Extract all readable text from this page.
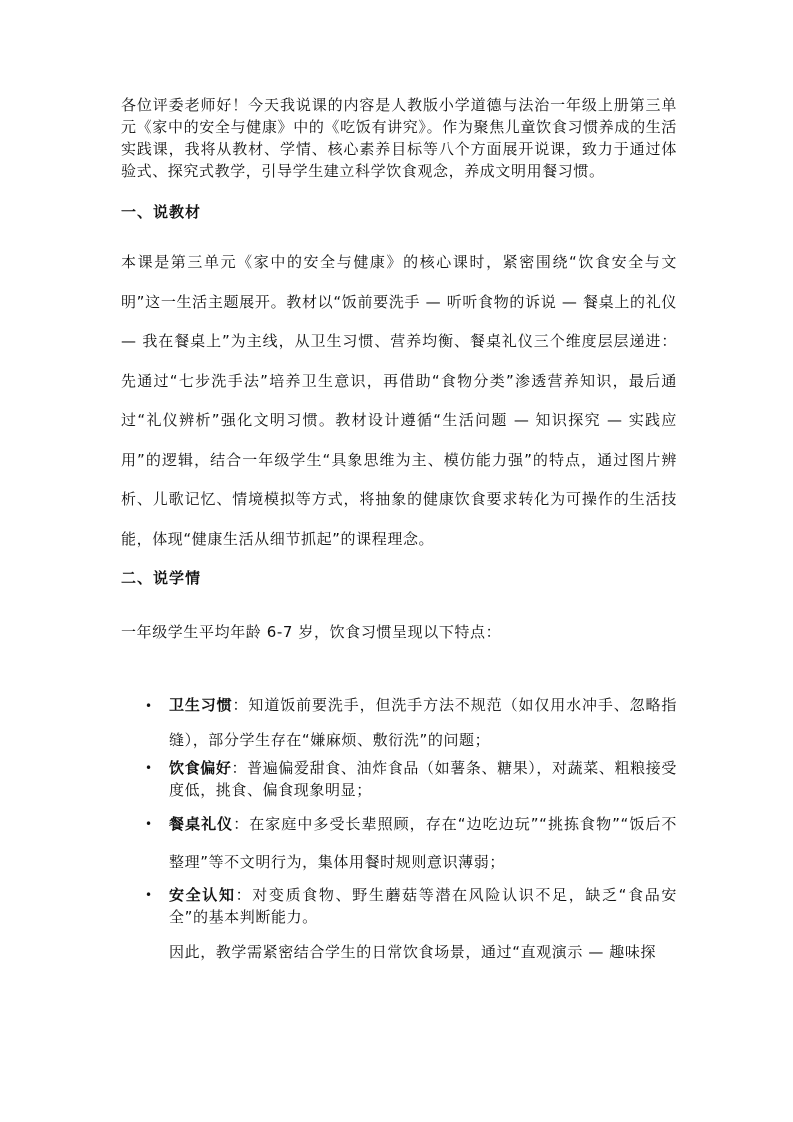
各位评委老师好！今天我说课的内容是人教版小学道德与法治一年级上册第三单元《家中的安全与健康》中的《吃饭有讲究》。作为聚焦儿童饮食习惯养成的生活实践课，我将从教材、学情、核心素养目标等八个方面展开说课，致力于通过体验式、探究式教学，引导学生建立科学饮食观念，养成文明用餐习惯。

一、说教材

本课是第三单元《家中的安全与健康》的核心课时，紧密围绕“饮食安全与文明”这一生活主题展开。教材以“饭前要洗手 — 听听食物的诉说 — 餐桌上的礼仪 — 我在餐桌上”为主线，从卫生习惯、营养均衡、餐桌礼仪三个维度层层递进：先通过“七步洗手法”培养卫生意识，再借助“食物分类”渗透营养知识，最后通过“礼仪辨析”强化文明习惯。教材设计遵循“生活问题 — 知识探究 — 实践应用”的逻辑，结合一年级学生“具象思维为主、模仿能力强”的特点，通过图片辨析、儿歌记忆、情境模拟等方式，将抽象的健康饮食要求转化为可操作的生活技能，体现“健康生活从细节抓起”的课程理念。

二、说学情

一年级学生平均年龄 6-7 岁，饮食习惯呈现以下特点：

• 卫生习惯：知道饭前要洗手，但洗手方法不规范（如仅用水冲手、忽略指缝），部分学生存在“嫌麻烦、敷衍洗”的问题；
• 饮食偏好：普遍偏爱甜食、油炸食品（如薯条、糖果），对蔬菜、粗粮接受度低，挑食、偏食现象明显；
• 餐桌礼仪：在家庭中多受长辈照顾，存在“边吃边玩”“挑拣食物”“饭后不整理”等不文明行为，集体用餐时规则意识薄弱；
• 安全认知：对变质食物、野生蘑菇等潜在风险认识不足，缺乏“食品安全”的基本判断能力。

因此，教学需紧密结合学生的日常饮食场景，通过“直观演示 — 趣味探
